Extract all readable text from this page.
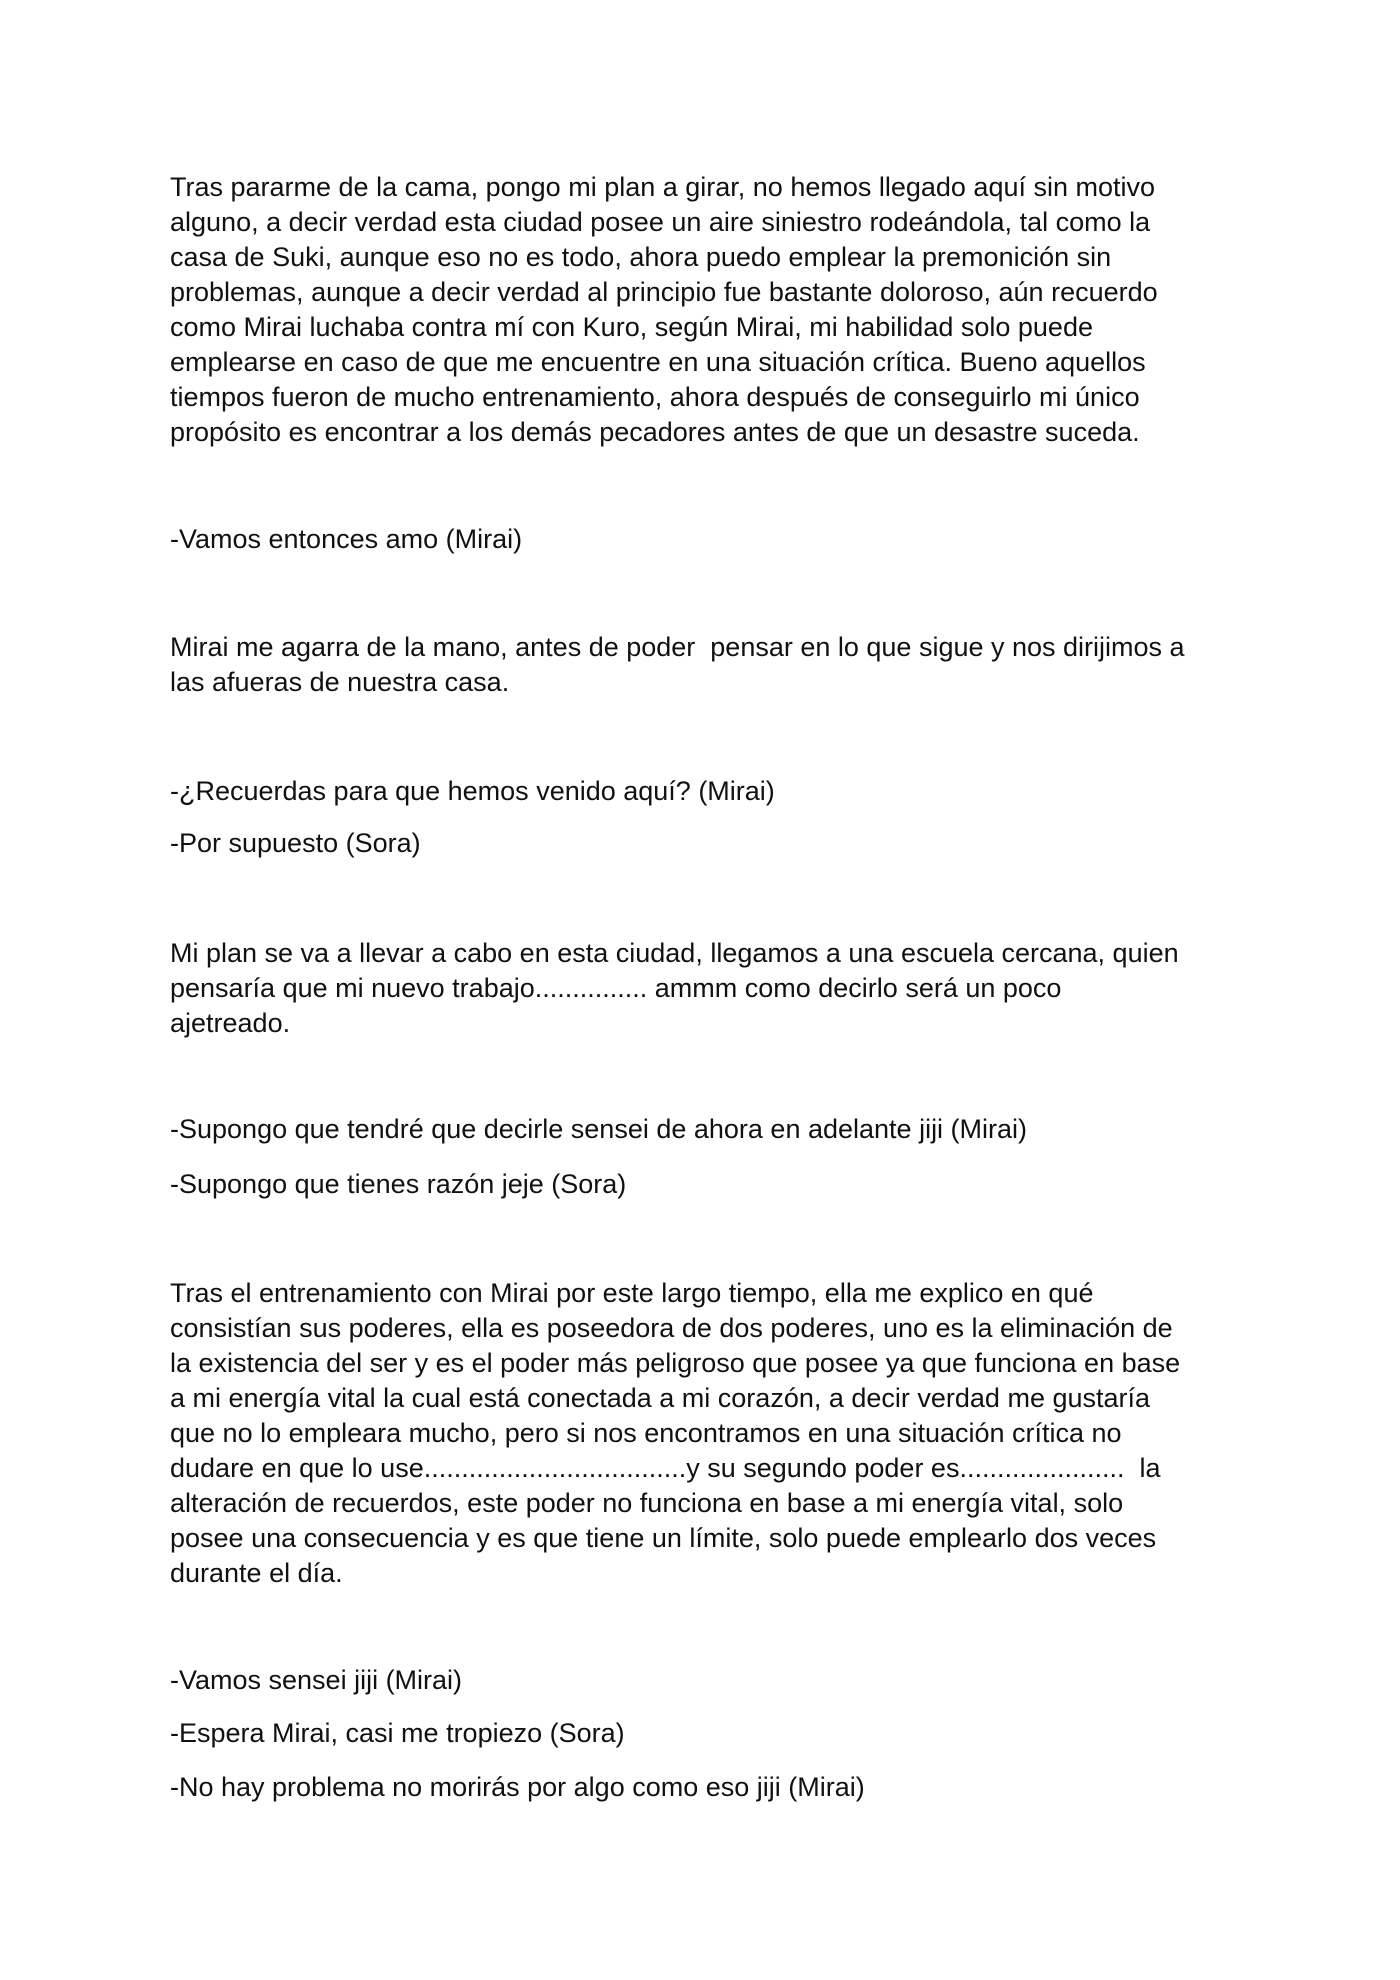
Tras pararme de la cama, pongo mi plan a girar, no hemos llegado aquí sin motivo
alguno, a decir verdad esta ciudad posee un aire siniestro rodeándola, tal como la
casa de Suki, aunque eso no es todo, ahora puedo emplear la premonición sin
problemas, aunque a decir verdad al principio fue bastante doloroso, aún recuerdo
como Mirai luchaba contra mí con Kuro, según Mirai, mi habilidad solo puede
emplearse en caso de que me encuentre en una situación crítica. Bueno aquellos
tiempos fueron de mucho entrenamiento, ahora después de conseguirlo mi único
propósito es encontrar a los demás pecadores antes de que un desastre suceda.

-Vamos entonces amo (Mirai)

Mirai me agarra de la mano, antes de poder  pensar en lo que sigue y nos dirijimos a
las afueras de nuestra casa.

-¿Recuerdas para que hemos venido aquí? (Mirai)

-Por supuesto (Sora)

Mi plan se va a llevar a cabo en esta ciudad, llegamos a una escuela cercana, quien
pensaría que mi nuevo trabajo............... ammm como decirlo será un poco
ajetreado.

-Supongo que tendré que decirle sensei de ahora en adelante jiji (Mirai)

-Supongo que tienes razón jeje (Sora)

Tras el entrenamiento con Mirai por este largo tiempo, ella me explico en qué
consistían sus poderes, ella es poseedora de dos poderes, uno es la eliminación de
la existencia del ser y es el poder más peligroso que posee ya que funciona en base
a mi energía vital la cual está conectada a mi corazón, a decir verdad me gustaría
que no lo empleara mucho, pero si nos encontramos en una situación crítica no
dudare en que lo use...................................y su segundo poder es......................  la
alteración de recuerdos, este poder no funciona en base a mi energía vital, solo
posee una consecuencia y es que tiene un límite, solo puede emplearlo dos veces
durante el día.

-Vamos sensei jiji (Mirai)

-Espera Mirai, casi me tropiezo (Sora)

-No hay problema no morirás por algo como eso jiji (Mirai)
